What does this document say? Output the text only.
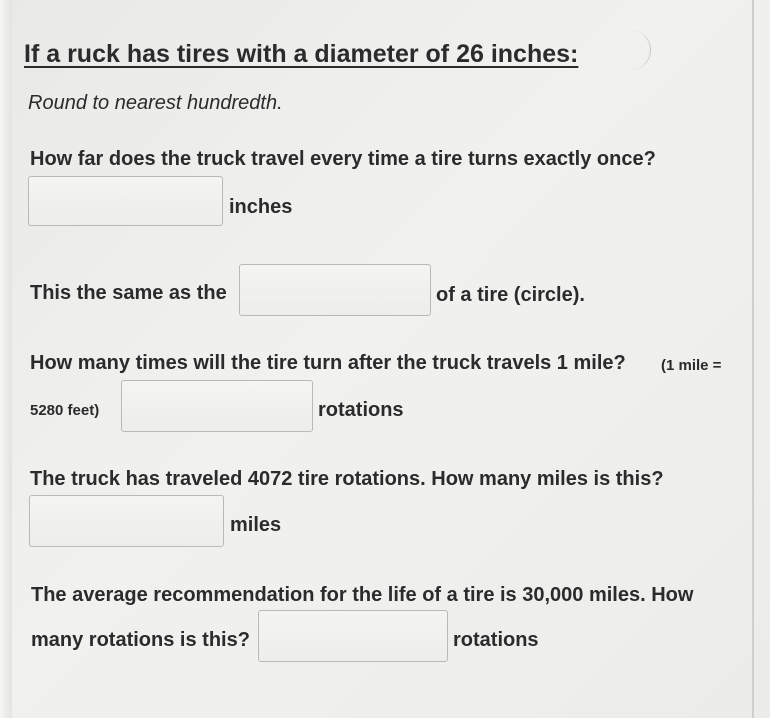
If a ruck has tires with a diameter of 26 inches:
Round to nearest hundredth.
How far does the truck travel every time a tire turns exactly once?
inches
This the same as the	of a tire (circle).
How many times will the tire turn after the truck travels 1 mile? (1 mile =
5280 feet)	rotations
The truck has traveled 4072 tire rotations. How many miles is this?
miles
The average recommendation for the life of a tire is 30,000 miles. How
many rotations is this?	rotations
